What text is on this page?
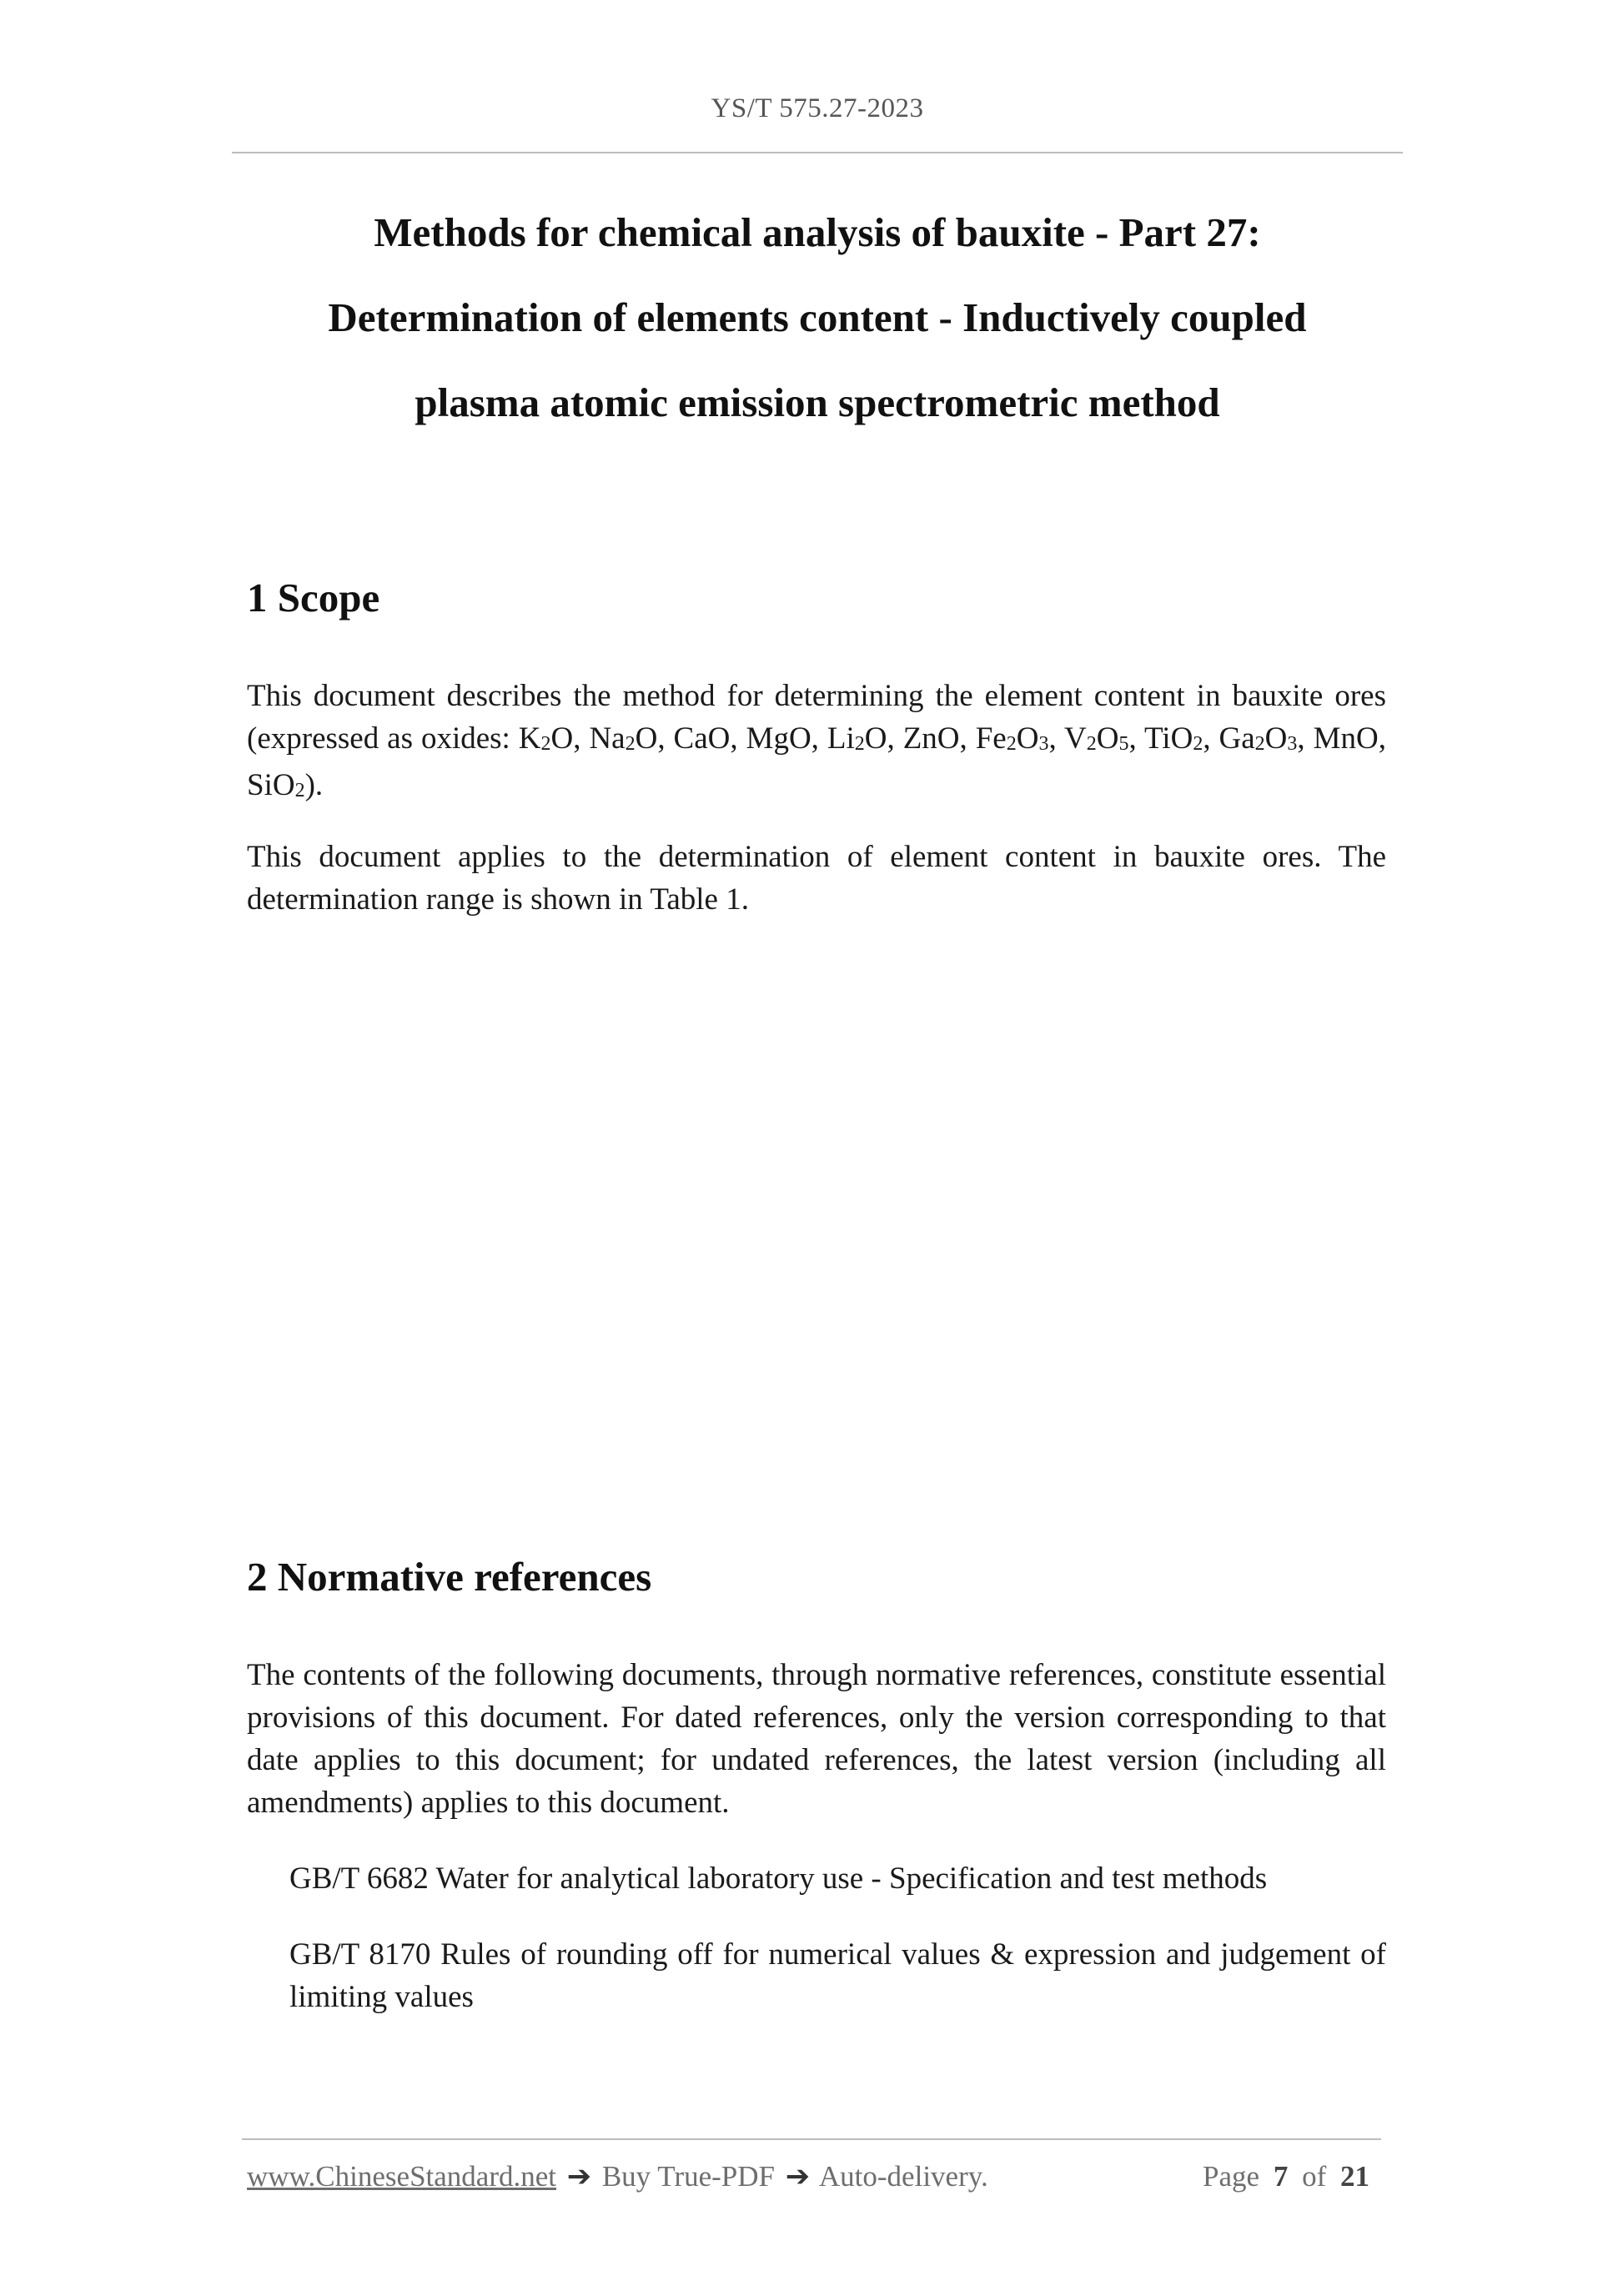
YS/T 575.27-2023
Methods for chemical analysis of bauxite - Part 27:
Determination of elements content - Inductively coupled
plasma atomic emission spectrometric method
1 Scope

This document describes the method for determining the element content in bauxite ores (expressed as oxides: $K_2O$, $Na_2O$, CaO, MgO, $Li_2O$, ZnO, $Fe_2O_3$, $V_2O_5$, TiO$_2$, $Ga_2O_3$, MnO, SiO$_2$).

This document applies to the determination of element content in bauxite ores. The determination range is shown in Table 1.

2 Normative references

The contents of the following documents, through normative references, constitute essential provisions of this document. For dated references, only the version corresponding to that date applies to this document; for undated references, the latest version (including all amendments) applies to this document.

GB/T 6682 Water for analytical laboratory use - Specification and test methods

GB/T 8170 Rules of rounding off for numerical values & expression and judgement of limiting values

www.ChineseStandard.net ➔ Buy True-PDF ➔ Auto-delivery.	Page 7 of 21
